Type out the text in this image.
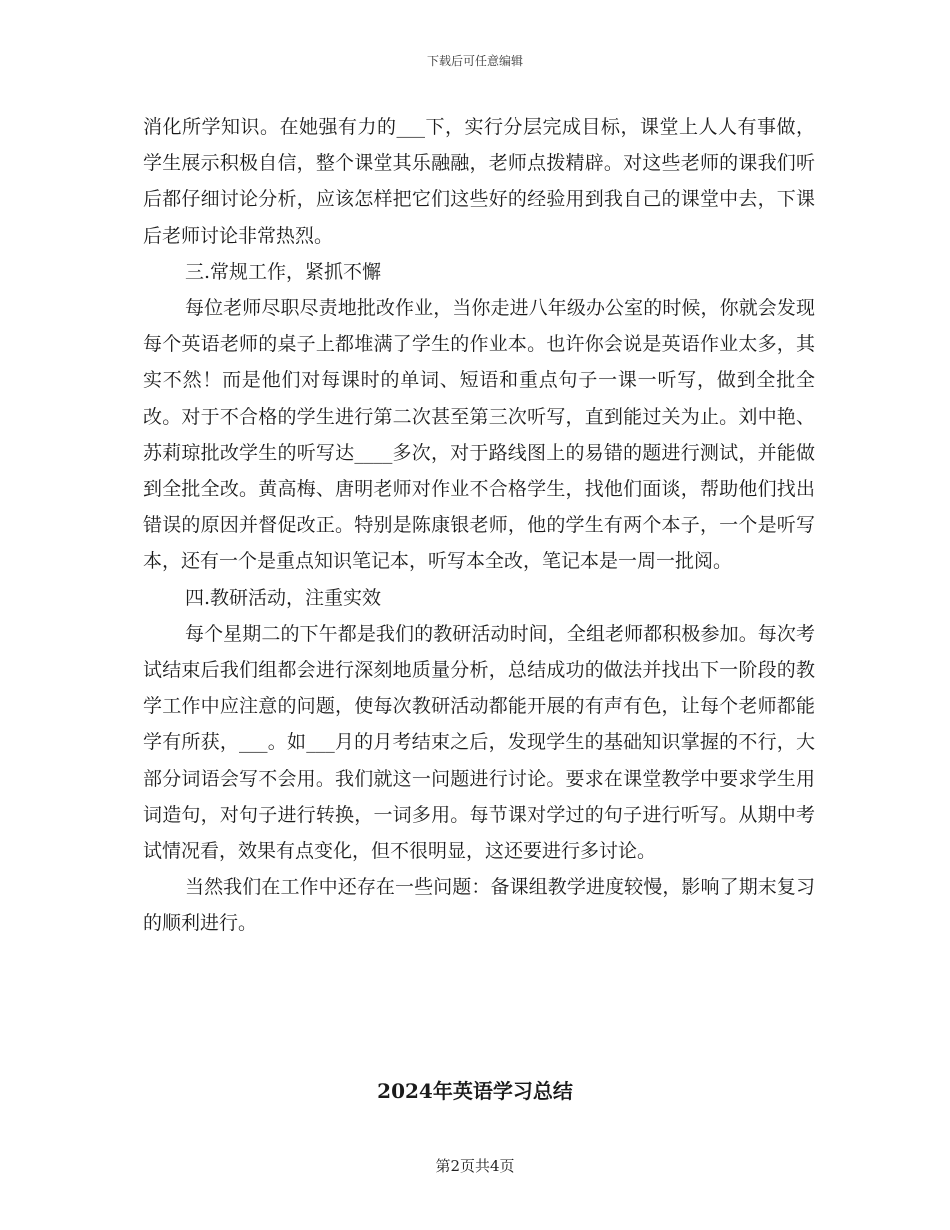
下载后可任意编辑

消化所学知识。在她强有力的___下，实行分层完成目标，课堂上人人有事做，学生展示积极自信，整个课堂其乐融融，老师点拨精辟。对这些老师的课我们听后都仔细讨论分析，应该怎样把它们这些好的经验用到我自己的课堂中去，下课后老师讨论非常热烈。

三.常规工作，紧抓不懈

每位老师尽职尽责地批改作业，当你走进八年级办公室的时候，你就会发现每个英语老师的桌子上都堆满了学生的作业本。也许你会说是英语作业太多，其实不然！而是他们对每课时的单词、短语和重点句子一课一听写，做到全批全改。对于不合格的学生进行第二次甚至第三次听写，直到能过关为止。刘中艳、苏莉琼批改学生的听写达____多次，对于路线图上的易错的题进行测试，并能做到全批全改。黄高梅、唐明老师对作业不合格学生，找他们面谈，帮助他们找出错误的原因并督促改正。特别是陈康银老师，他的学生有两个本子，一个是听写本，还有一个是重点知识笔记本，听写本全改，笔记本是一周一批阅。

四.教研活动，注重实效

每个星期二的下午都是我们的教研活动时间，全组老师都积极参加。每次考试结束后我们组都会进行深刻地质量分析，总结成功的做法并找出下一阶段的教学工作中应注意的问题，使每次教研活动都能开展的有声有色，让每个老师都能学有所获，___。如___月的月考结束之后，发现学生的基础知识掌握的不行，大部分词语会写不会用。我们就这一问题进行讨论。要求在课堂教学中要求学生用词造句，对句子进行转换，一词多用。每节课对学过的句子进行听写。从期中考试情况看，效果有点变化，但不很明显，这还要进行多讨论。

当然我们在工作中还存在一些问题：备课组教学进度较慢，影响了期末复习的顺利进行。

2024年英语学习总结
第2页共4页
